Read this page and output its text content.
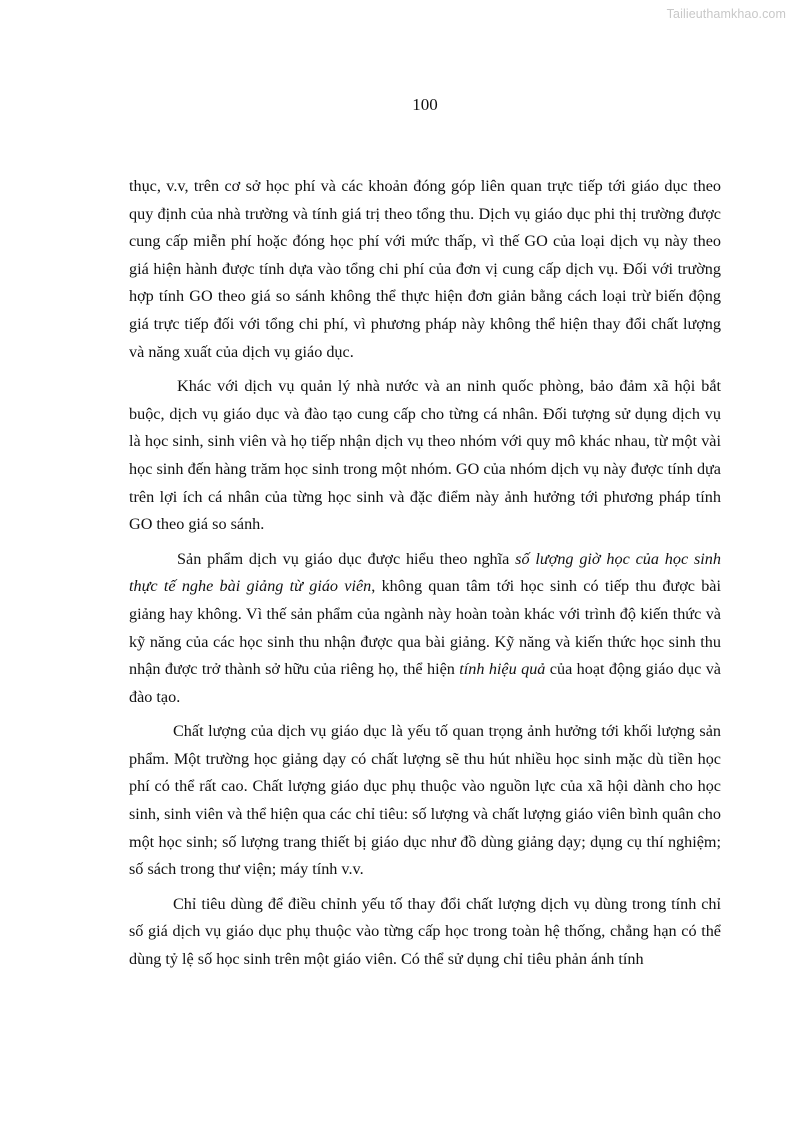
Tailieuthamkhao.com
100

thục, v.v, trên cơ sở học phí và các khoản đóng góp liên quan trực tiếp tới giáo dục theo quy định của nhà trường và tính giá trị theo tổng thu. Dịch vụ giáo dục phi thị trường được cung cấp miễn phí hoặc đóng học phí với mức thấp, vì thế GO của loại dịch vụ này theo giá hiện hành được tính dựa vào tổng chi phí của đơn vị cung cấp dịch vụ. Đối với trường hợp tính GO theo giá so sánh không thể thực hiện đơn giản bằng cách loại trừ biến động giá trực tiếp đối với tổng chi phí, vì phương pháp này không thể hiện thay đổi chất lượng và năng xuất của dịch vụ giáo dục.

Khác với dịch vụ quản lý nhà nước và an ninh quốc phòng, bảo đảm xã hội bắt buộc, dịch vụ giáo dục và đào tạo cung cấp cho từng cá nhân. Đối tượng sử dụng dịch vụ là học sinh, sinh viên và họ tiếp nhận dịch vụ theo nhóm với quy mô khác nhau, từ một vài học sinh đến hàng trăm học sinh trong một nhóm. GO của nhóm dịch vụ này được tính dựa trên lợi ích cá nhân của từng học sinh và đặc điểm này ảnh hưởng tới phương pháp tính GO theo giá so sánh.

Sản phẩm dịch vụ giáo dục được hiểu theo nghĩa số lượng giờ học của học sinh thực tế nghe bài giảng từ giáo viên, không quan tâm tới học sinh có tiếp thu được bài giảng hay không. Vì thế sản phẩm của ngành này hoàn toàn khác với trình độ kiến thức và kỹ năng của các học sinh thu nhận được qua bài giảng. Kỹ năng và kiến thức học sinh thu nhận được trở thành sở hữu của riêng họ, thể hiện tính hiệu quả của hoạt động giáo dục và đào tạo.

Chất lượng của dịch vụ giáo dục là yếu tố quan trọng ảnh hưởng tới khối lượng sản phẩm. Một trường học giảng dạy có chất lượng sẽ thu hút nhiều học sinh mặc dù tiền học phí có thể rất cao. Chất lượng giáo dục phụ thuộc vào nguồn lực của xã hội dành cho học sinh, sinh viên và thể hiện qua các chỉ tiêu: số lượng và chất lượng giáo viên bình quân cho một học sinh; số lượng trang thiết bị giáo dục như đồ dùng giảng dạy; dụng cụ thí nghiệm; số sách trong thư viện; máy tính v.v.

Chỉ tiêu dùng để điều chỉnh yếu tố thay đổi chất lượng dịch vụ dùng trong tính chỉ số giá dịch vụ giáo dục phụ thuộc vào từng cấp học trong toàn hệ thống, chẳng hạn có thể dùng tỷ lệ số học sinh trên một giáo viên. Có thể sử dụng chỉ tiêu phản ánh tính
